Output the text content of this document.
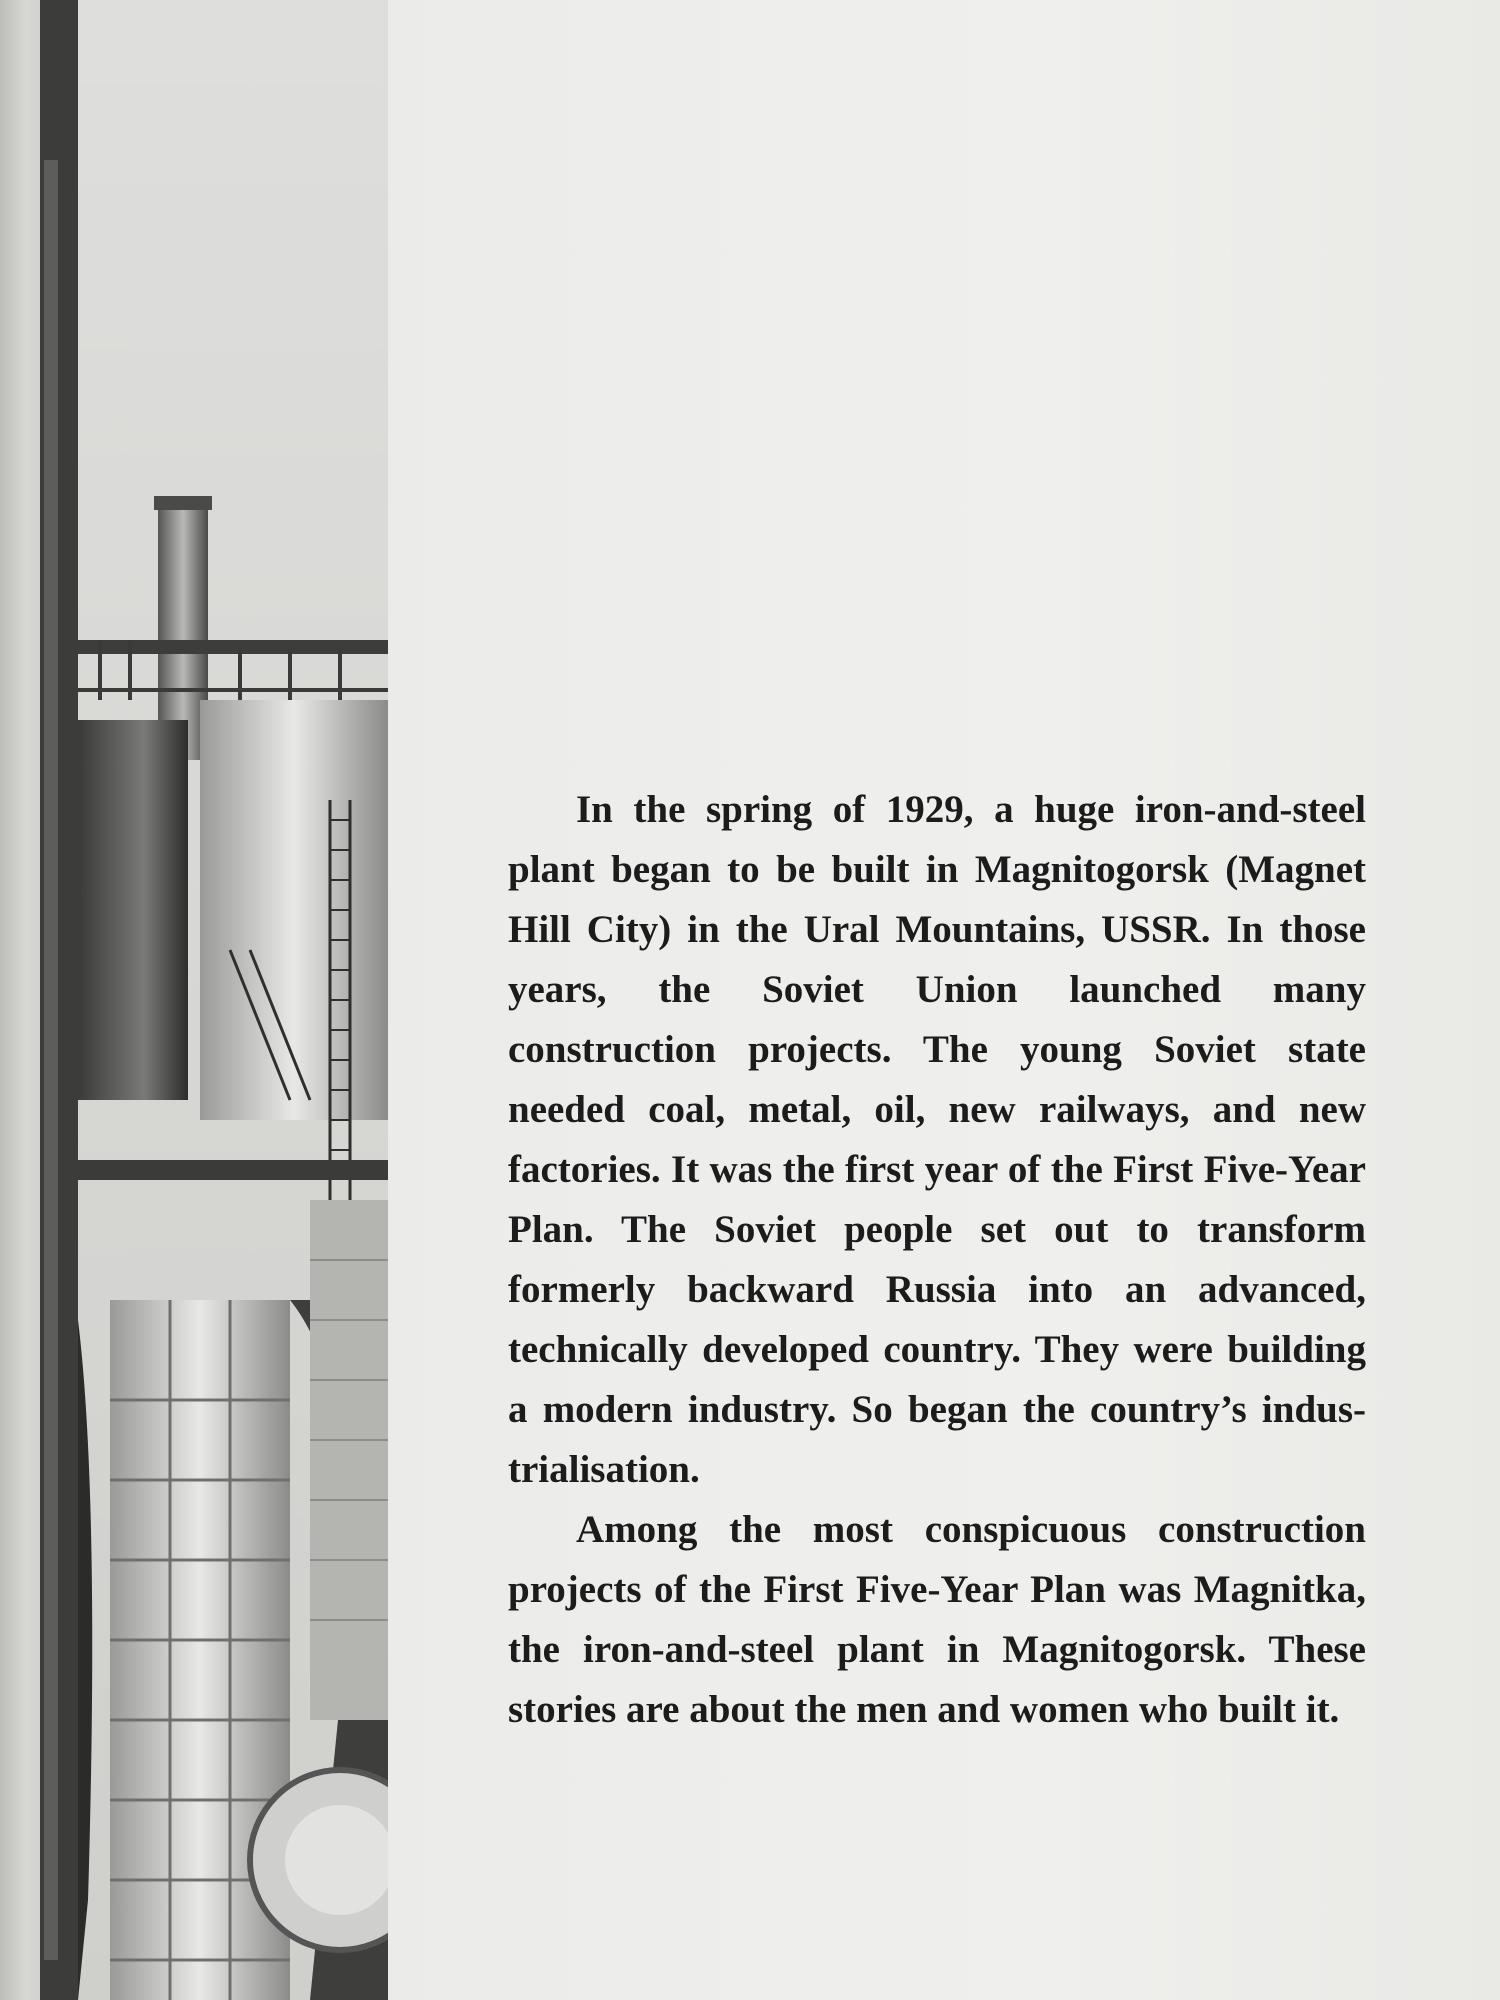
In the spring of 1929, a huge iron-and-steel plant began to be built in Magnitogorsk (Magnet Hill City) in the Ural Mountains, USSR. In those years, the Soviet Union launched many construction projects. The young Soviet state needed coal, metal, oil, new railways, and new factories. It was the first year of the First Five-Year Plan. The Soviet people set out to transform formerly backward Russia into an advanced, technically developed country. They were building a modern industry. So began the country’s industrialisation.

Among the most conspicuous construction projects of the First Five-Year Plan was Magnitka, the iron-and-steel plant in Magnitogorsk. These stories are about the men and women who built it.
